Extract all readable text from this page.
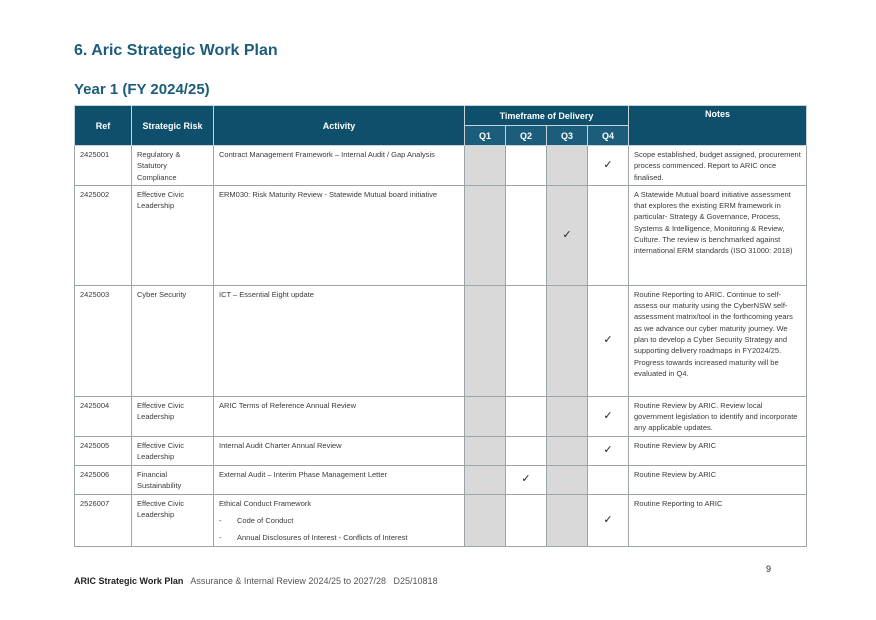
6. Aric Strategic Work Plan
Year 1 (FY 2024/25)
Ref	Strategic Risk	Activity	Timeframe of Delivery				Notes
			Q1	Q2	Q3	Q4	
2425001	Regulatory & Statutory Compliance	Contract Management Framework – Internal Audit / Gap Analysis				✓	Scope established, budget assigned, procurement process commenced. Report to ARIC once finalised.
2425002	Effective Civic Leadership	ERM030: Risk Maturity Review - Statewide Mutual board initiative			✓		A Statewide Mutual board initiative assessment that explores the existing ERM framework in particular- Strategy & Governance, Process, Systems & Intelligence, Monitoring & Review, Culture. The review is benchmarked against international ERM standards (ISO 31000: 2018)
2425003	Cyber Security	ICT – Essential Eight update				✓	Routine Reporting to ARIC. Continue to self-assess our maturity using the CyberNSW self-assessment matrix/tool in the forthcoming years as we advance our cyber maturity journey. We plan to develop a Cyber Security Strategy and supporting delivery roadmaps in FY2024/25. Progress towards increased maturity will be evaluated in Q4.
2425004	Effective Civic Leadership	ARIC Terms of Reference Annual Review				✓	Routine Review by ARIC. Review local government legislation to identify and incorporate any applicable updates.
2425005	Effective Civic Leadership	Internal Audit Charter Annual Review				✓	Routine Review by ARIC
2425006	Financial Sustainability	External Audit – Interim Phase Management Letter		✓			Routine Review by ARIC
2526007	Effective Civic Leadership	Ethical Conduct Framework
- Code of Conduct
- Annual Disclosures of Interest - Conflicts of Interest				✓	Routine Reporting to ARIC
9
ARIC Strategic Work Plan Assurance & Internal Review 2024/25 to 2027/28 D25/10818
